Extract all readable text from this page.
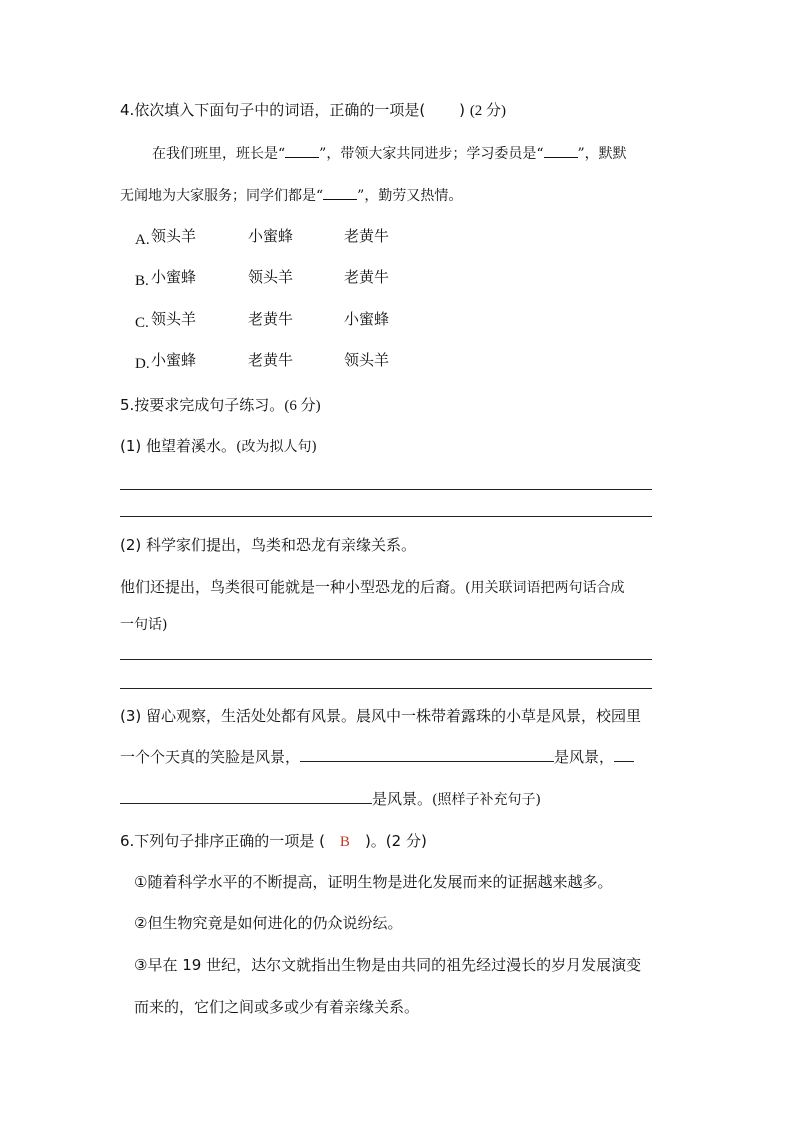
4.依次填入下面句子中的词语，正确的一项是( ) (2 分)
在我们班里，班长是“ ”，带领大家共同进步；学习委员是“ ”，默默
无闻地为大家服务；同学们都是“ ”，勤劳又热情。
A. 领头羊	小蜜蜂	老黄牛
B. 小蜜蜂	领头羊	老黄牛
C. 领头羊	老黄牛	小蜜蜂
D. 小蜜蜂	老黄牛	领头羊
5.按要求完成句子练习。(6 分)
(1) 他望着溪水。(改为拟人句)
(2) 科学家们提出，鸟类和恐龙有亲缘关系。
他们还提出，鸟类很可能就是一种小型恐龙的后裔。(用关联词语把两句话合成
一句话)
(3) 留心观察，生活处处都有风景。晨风中一株带着露珠的小草是风景，校园里
一个个天真的笑脸是风景，	是风景，
是风景。(照样子补充句子)
6.下列句子排序正确的一项是 ( B )。(2 分)
①随着科学水平的不断提高，证明生物是进化发展而来的证据越来越多。
②但生物究竟是如何进化的仍众说纷纭。
③早在 19 世纪，达尔文就指出生物是由共同的祖先经过漫长的岁月发展演变
而来的，它们之间或多或少有着亲缘关系。
